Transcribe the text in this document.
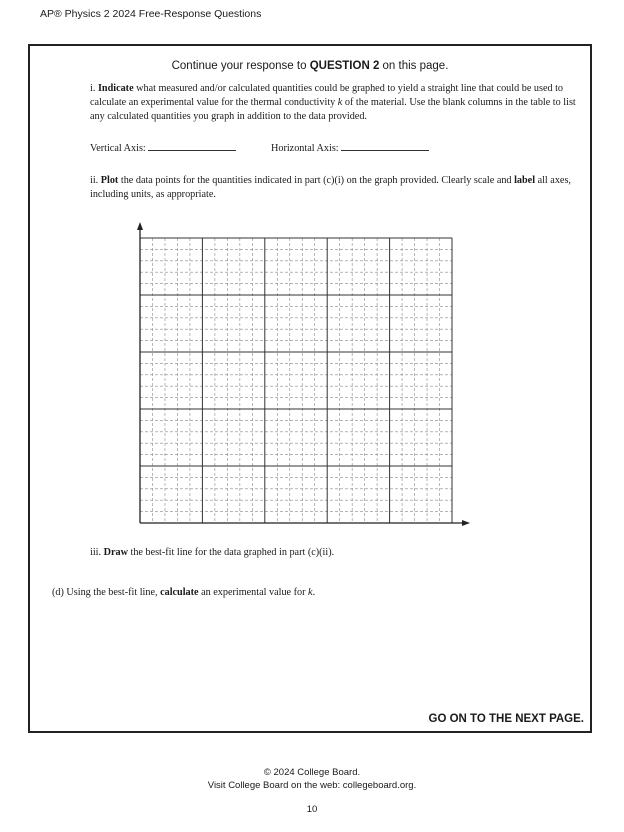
AP® Physics 2 2024 Free-Response Questions
Continue your response to QUESTION 2 on this page.
i. Indicate what measured and/or calculated quantities could be graphed to yield a straight line that could be used to calculate an experimental value for the thermal conductivity k of the material. Use the blank columns in the table to list any calculated quantities you graph in addition to the data provided.
Vertical Axis:	Horizontal Axis:
ii. Plot the data points for the quantities indicated in part (c)(i) on the graph provided. Clearly scale and label all axes, including units, as appropriate.
iii. Draw the best-fit line for the data graphed in part (c)(ii).
(d) Using the best-fit line, calculate an experimental value for k.
GO ON TO THE NEXT PAGE.
© 2024 College Board.
Visit College Board on the web: collegeboard.org.
10
